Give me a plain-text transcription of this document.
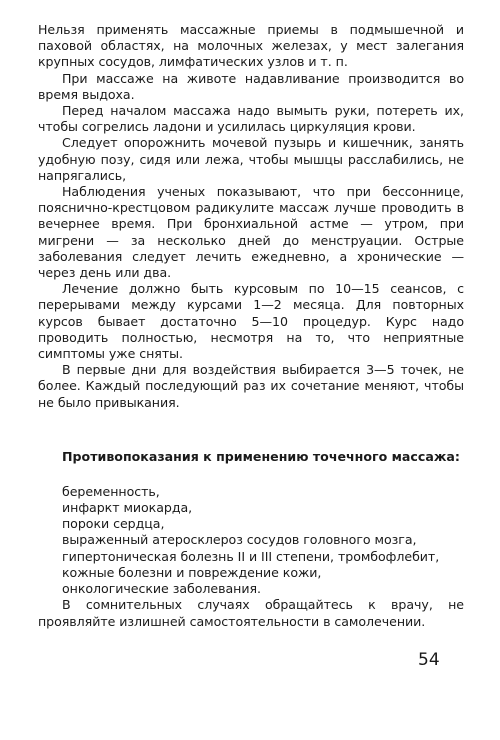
Нельзя применять массажные приемы в подмышечной и паховой областях, на молочных железах, у мест залегания крупных сосудов, лимфатических узлов и т. п.

При массаже на животе надавливание производится во время выдоха.

Перед началом массажа надо вымыть руки, потереть их, чтобы согрелись ладони и усилилась циркуляция крови.

Следует опорожнить мочевой пузырь и кишечник, занять удобную позу, сидя или лежа, чтобы мышцы расслабились, не напрягались,

Наблюдения ученых показывают, что при бессоннице, пояснично-крестцовом радикулите массаж лучше проводить в вечернее время. При бронхиальной астме — утром, при мигрени — за несколько дней до менструации. Острые заболевания следует лечить ежедневно, а хронические — через день или два.

Лечение должно быть курсовым по 10—15 сеансов, с перерывами между курсами 1—2 месяца. Для повторных курсов бывает достаточно 5—10 процедур. Курс надо проводить полностью, несмотря на то, что неприятные симптомы уже сняты.

В первые дни для воздействия выбирается 3—5 точек, не более. Каждый последующий раз их сочетание меняют, чтобы не было привыкания.

Противопоказания к применению точечного массажа:

беременность,
инфаркт миокарда,
пороки сердца,
выраженный атеросклероз сосудов головного мозга,
гипертоническая болезнь II и III степени, тромбофлебит,
кожные болезни и повреждение кожи,
онкологические заболевания.

В сомнительных случаях обращайтесь к врачу, не проявляйте излишней самостоятельности в самолечении.

54
